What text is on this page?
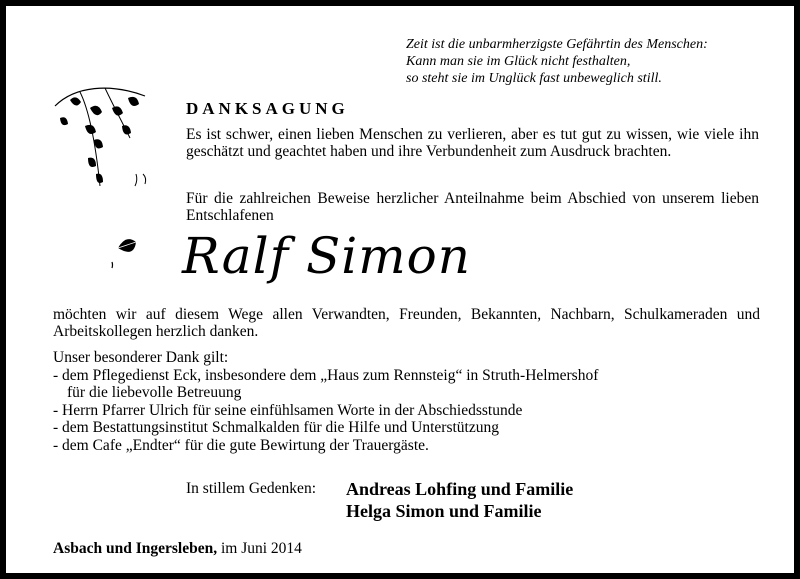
Zeit ist die unbarmherzigste Gefährtin des Menschen:
Kann man sie im Glück nicht festhalten,
so steht sie im Unglück fast unbeweglich still.
DANKSAGUNG
Es ist schwer, einen lieben Menschen zu verlieren, aber es tut gut zu wissen, wie viele ihn geschätzt und geachtet haben und ihre Verbundenheit zum Ausdruck brachten.
Für die zahlreichen Beweise herzlicher Anteilnahme beim Abschied von unserem lieben Entschlafenen
Ralf Simon
möchten wir auf diesem Wege allen Verwandten, Freunden, Bekannten, Nachbarn, Schulkameraden und Arbeitskollegen herzlich danken.
Unser besonderer Dank gilt:
- dem Pflegedienst Eck, insbesondere dem „Haus zum Rennsteig“ in Struth-Helmershof
für die liebevolle Betreuung
- Herrn Pfarrer Ulrich für seine einfühlsamen Worte in der Abschiedsstunde
- dem Bestattungsinstitut Schmalkalden für die Hilfe und Unterstützung
- dem Cafe „Endter“ für die gute Bewirtung der Trauergäste.
In stillem Gedenken: Andreas Lohfing und Familie
Helga Simon und Familie
Asbach und Ingersleben, im Juni 2014
